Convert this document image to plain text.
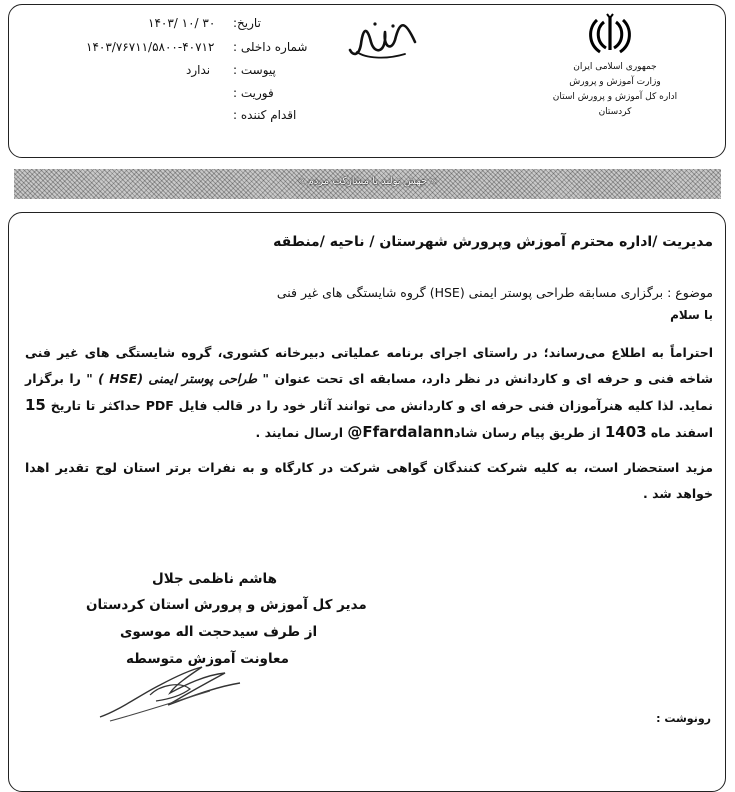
تاریخ:
۱۴۰۳/ ۱۰/ ۳۰
شماره داخلی :
۱۴۰۳/۷۶۷۱۱/۵۸۰۰-۴۰۷۱۲
پیوست :
ندارد
فوریت :
اقدام کننده :
جمهوری اسلامی ایران
وزارت آموزش و پرورش
اداره کل آموزش و پرورش استان کردستان
« جهش تولید با مشارکت مردم »
مدیریت /اداره محترم آموزش وپرورش شهرستان / ناحیه /منطقه
موضوع : برگزاری مسابقه طراحی پوستر ایمنی (HSE) گروه شایستگی های غیر فنی
با سلام
احتراماً به اطلاع می‌رساند؛ در راستای اجرای برنامه عملیاتی دبیرخانه کشوری، گروه شایستگی های غیر فنی شاخه فنی و حرفه ای و کاردانش در نظر دارد، مسابقه ای تحت عنوان " طراحی پوستر ایمنی (HSE ) " را برگزار نماید. لذا کلیه هنرآموزان فنی حرفه ای و کاردانش می توانند آثار خود را در قالب فایل PDF حداکثر تا تاریخ 15 اسفند ماه 1403 از طریق پیام رسان شاد@Ffardalann ارسال نمایند .
مزید استحضار است، به کلیه شرکت کنندگان گواهی شرکت در کارگاه و به نفرات برتر استان لوح تقدیر اهدا خواهد شد .
هاشم ناظمی جلال
مدیر کل آموزش و پرورش استان کردستان
از طرف سیدحجت اله موسوی
معاونت آموزش متوسطه
رونوشت :
